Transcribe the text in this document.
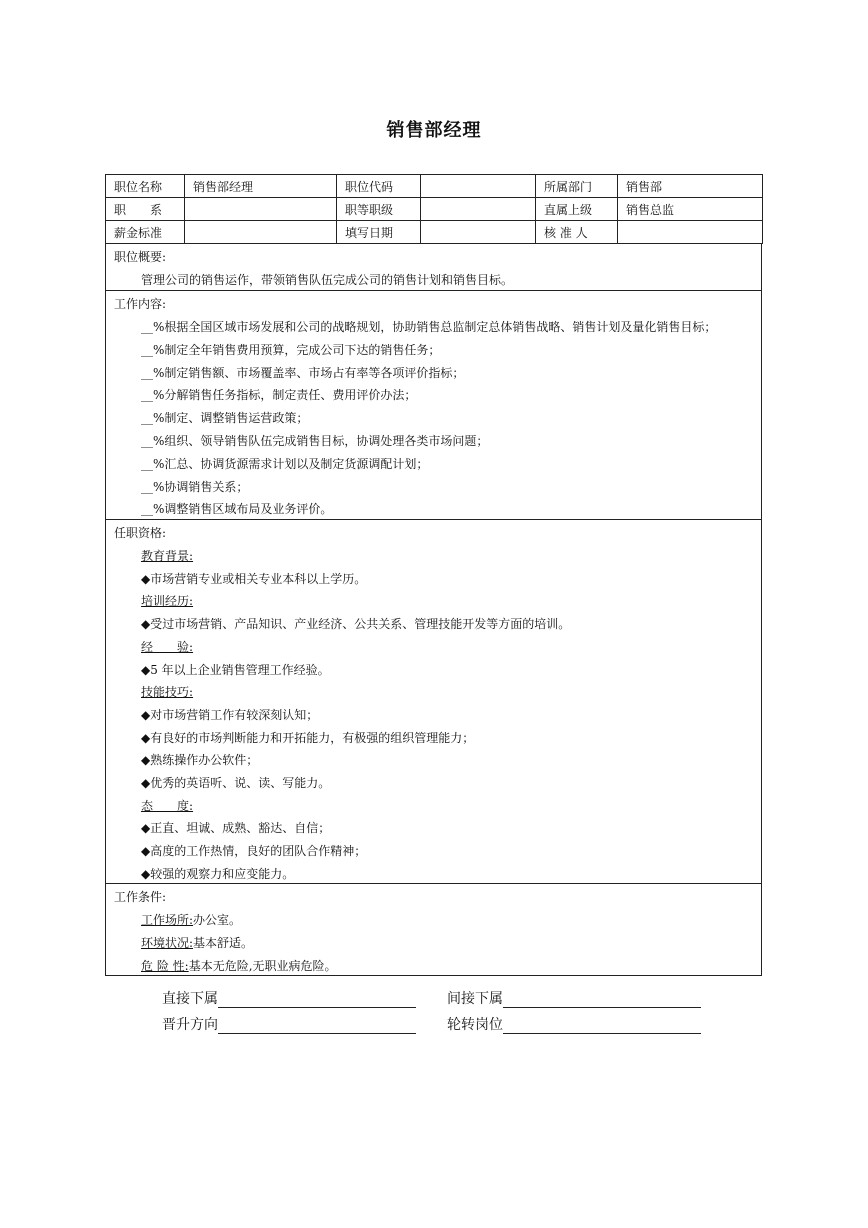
销售部经理
职位名称	销售部经理	职位代码		所属部门	销售部
职　　系		职等职级		直属上级	销售总监
薪金标准		填写日期		核 准 人	
职位概要:
管理公司的销售运作，带领销售队伍完成公司的销售计划和销售目标。
工作内容:
__%根据全国区域市场发展和公司的战略规划，协助销售总监制定总体销售战略、销售计划及量化销售目标；
__%制定全年销售费用预算，完成公司下达的销售任务；
__%制定销售额、市场覆盖率、市场占有率等各项评价指标；
__%分解销售任务指标，制定责任、费用评价办法；
__%制定、调整销售运营政策；
__%组织、领导销售队伍完成销售目标，协调处理各类市场问题；
__%汇总、协调货源需求计划以及制定货源调配计划；
__%协调销售关系；
__%调整销售区域布局及业务评价。
任职资格:
教育背景:
◆市场营销专业或相关专业本科以上学历。
培训经历:
◆受过市场营销、产品知识、产业经济、公共关系、管理技能开发等方面的培训。
经　　验:
◆5 年以上企业销售管理工作经验。
技能技巧:
◆对市场营销工作有较深刻认知；
◆有良好的市场判断能力和开拓能力，有极强的组织管理能力；
◆熟练操作办公软件；
◆优秀的英语听、说、读、写能力。
态　　度:
◆正直、坦诚、成熟、豁达、自信；
◆高度的工作热情，良好的团队合作精神；
◆较强的观察力和应变能力。
工作条件:
工作场所:办公室。
环境状况:基本舒适。
危 险 性:基本无危险,无职业病危险。
直接下属	间接下属
晋升方向	轮转岗位
